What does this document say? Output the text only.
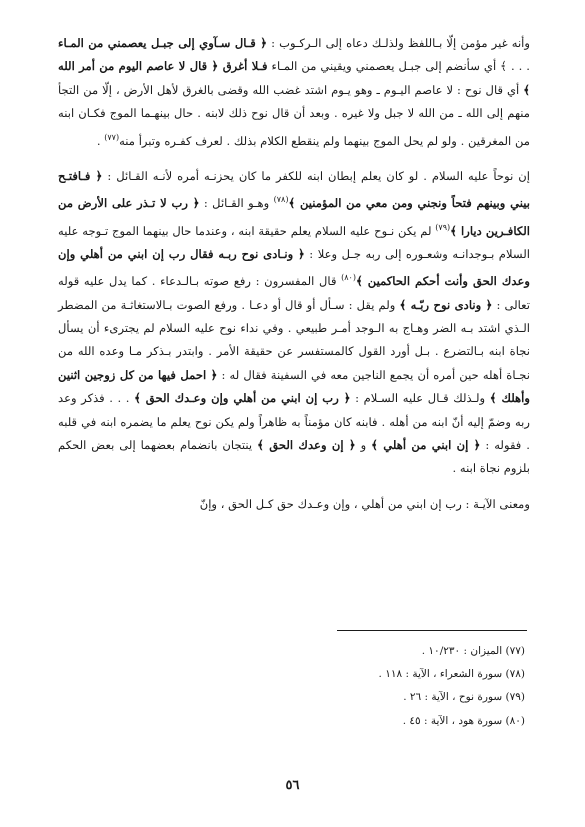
وأنه غير مؤمن إلّا بـاللفظ ولذلـك دعاه إلى الـركـوب : ﴿ قـال سـآوي إلى جبـل يعصمني من المـاء . . . ﴾ أي سأنضم إلى جبـل يعصمني ويقيني من المـاء فـلا أغرق ﴿ قال لا عاصم اليوم من أمر الله ﴾ أي قال نوح : لا عاصم اليـوم ـ وهو يـوم اشتد غضب الله وقضى بالغرق لأهل الأرض ، إلّا من التجأ منهم إلى الله ـ من الله لا جبل ولا غيره . وبعد أن قال نوح ذلك لابنه . حال بينهـما الموج فكـان ابنه من المغرقين . ولو لم يحل الموج بينهما ولم ينقطع الكلام بذلك . لعرف كفـره وتبرأ منه$^{(٧٧)}$ .

إن نوحاً عليه السلام . لو كان يعلم إبطان ابنه للكفر ما كان يحزنـه أمره لأنـه القـائل : ﴿ فـافتـح بيني وبينهم فتحاً ونجني ومن معي من المؤمنين ﴾$^{(٧٨)}$ وهـو القـائل : ﴿ رب لا تـذر على الأرض من الكافـرين ديارا ﴾$^{(٧٩)}$ لم يكن نـوح عليه السلام يعلم حقيقة ابنه ، وعندما حال بينهما الموج تـوجه عليه السلام بـوجدانـه وشعـوره إلى ربه جـل وعلا : ﴿ ونـادى نوح ربـه فقال رب إن ابني من أهلي وإن وعدك الحق وأنت أحكم الحاكمين ﴾$^{(٨٠)}$ قال المفسرون : رفع صوته بـالـدعاء . كما يدل عليه قوله تعالى : ﴿ ونادى نوح ربّـه ﴾ ولم يقل : سـأل أو قال أو دعـا . ورفع الصوت بـالاستغاثـة من المضطر الـذي اشتد بـه الضر وهـاج به الـوجد أمـر طبيعي . وفي نداء نوح عليه السلام لم يجترىء أن يسأل نجاة ابنه بـالتضرع . بـل أورد القول كالمستفسر عن حقيقة الأمر . وابتدر بـذكر مـا وعده الله من نجـاة أهله حين أمره أن يجمع الناجين معه في السفينة فقال له : ﴿ احمل فيها من كل زوجين اثنين وأهلك ﴾ ولـذلك قـال عليه السـلام : ﴿ رب إن ابني من أهلي وإن وعـدك الحق ﴾ . . . فذكر وعد ربه وضمّ إليه أنّ ابنه من أهله . فابنه كان مؤمناً به ظاهراً ولم يكن نوح يعلم ما يضمره ابنه في قلبه . فقوله : ﴿ إن ابني من أهلي ﴾ و ﴿ إن وعدك الحق ﴾ ينتجان بانضمام بعضهما إلى بعض الحكم بلزوم نجاة ابنه .

ومعنى الآيـة : رب إن ابني من أهلي ، وإن وعـدك حق كـل الحق ، وإنّ

(٧٧) الميزان : ١٠/٢٣٠ .
(٧٨) سورة الشعراء ، الآية : ١١٨ .
(٧٩) سورة نوح ، الآية : ٢٦ .
(٨٠) سورة هود ، الآية : ٤٥ .
٥٦
